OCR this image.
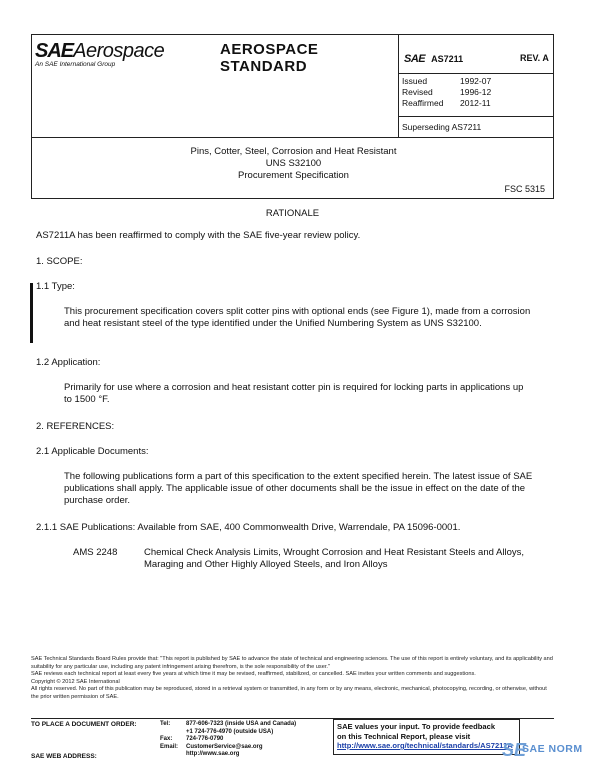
SAEAerospace
An SAE International Group
AEROSPACE
STANDARD	SAE AS7211	REV. A
Issued	1992-07
Revised	1996-12
Reaffirmed	2012-11
Superseding AS7211
Pins, Cotter, Steel, Corrosion and Heat Resistant
UNS S32100
Procurement Specification
FSC 5315
RATIONALE
AS7211A has been reaffirmed to comply with the SAE five-year review policy.
1. SCOPE:
1.1 Type:
This procurement specification covers split cotter pins with optional ends (see Figure 1), made from a corrosion and heat resistant steel of the type identified under the Unified Numbering System as UNS S32100.
1.2 Application:
Primarily for use where a corrosion and heat resistant cotter pin is required for locking parts in applications up to 1500 °F.
2. REFERENCES:
2.1 Applicable Documents:
The following publications form a part of this specification to the extent specified herein. The latest issue of SAE publications shall apply. The applicable issue of other documents shall be the issue in effect on the date of the purchase order.
2.1.1 SAE Publications: Available from SAE, 400 Commonwealth Drive, Warrendale, PA 15096-0001.
AMS 2248	Chemical Check Analysis Limits, Wrought Corrosion and Heat Resistant Steels and Alloys, Maraging and Other Highly Alloyed Steels, and Iron Alloys

SAE Technical Standards Board Rules provide that: "This report is published by SAE to advance the state of technical and engineering sciences. The use of this report is entirely voluntary, and its applicability and suitability for any particular use, including any patent infringement arising therefrom, is the sole responsibility of the user."

SAE reviews each technical report at least every five years at which time it may be revised, reaffirmed, stabilized, or cancelled. SAE invites your written comments and suggestions.

Copyright © 2012 SAE International

All rights reserved. No part of this publication may be reproduced, stored in a retrieval system or transmitted, in any form or by any means, electronic, mechanical, photocopying, recording, or otherwise, without the prior written permission of SAE.

TO PLACE A DOCUMENT ORDER:
SAE WEB ADDRESS:
Tel:	877-606-7323 (inside USA and Canada)
+1 724-776-4970 (outside USA)
Fax:	724-776-0790
Email:	CustomerService@sae.org
http://www.sae.org
SAE values your input. To provide feedback
on this Technical Report, please visit
http://www.sae.org/technical/standards/AS7211A
SE
SAE NORM
